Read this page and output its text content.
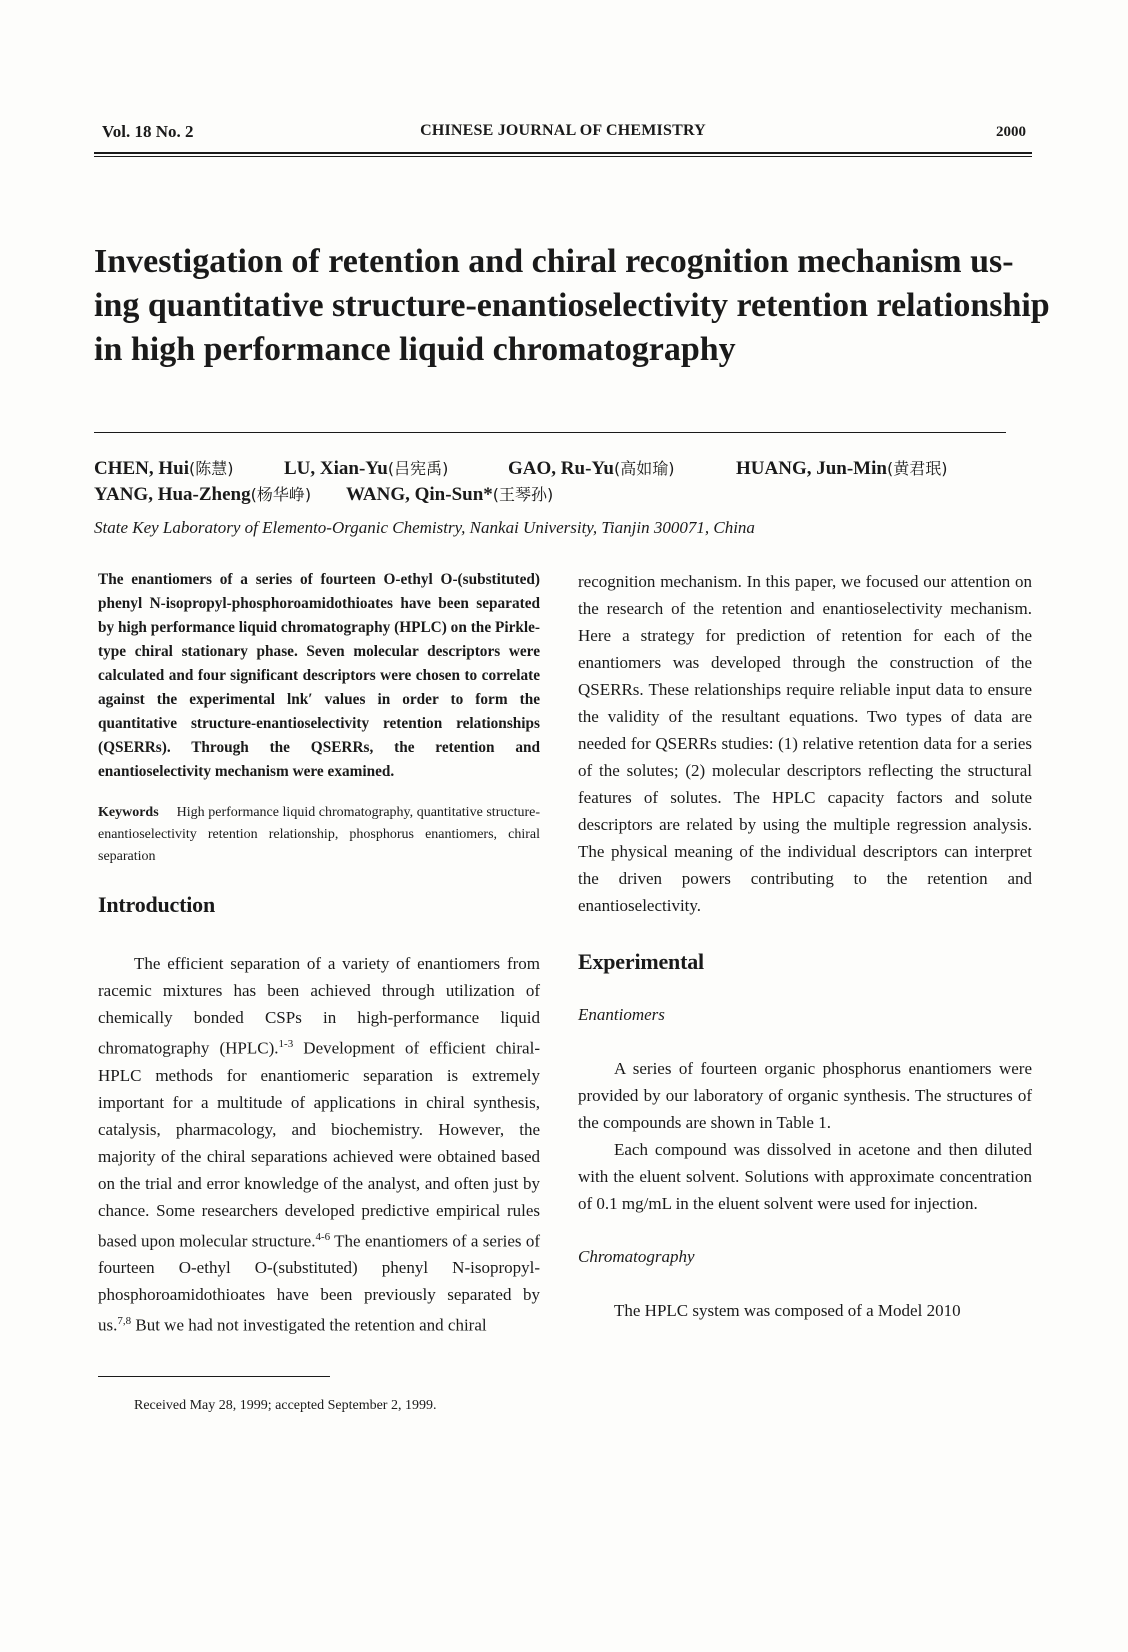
Vol. 18 No. 2	CHINESE JOURNAL OF CHEMISTRY	2000
Investigation of retention and chiral recognition mechanism us-
ing quantitative structure-enantioselectivity retention relationship
in high performance liquid chromatography
CHEN, Hui(陈慧)	LU, Xian-Yu(吕宪禹)	GAO, Ru-Yu(高如瑜)	HUANG, Jun-Min(黄君珉)
YANG, Hua-Zheng(杨华峥) WANG, Qin-Sun*(王琴孙)
State Key Laboratory of Elemento-Organic Chemistry, Nankai University, Tianjin 300071, China
The enantiomers of a series of fourteen O-ethyl O-(substituted) phenyl N-isopropyl-phosphoroamidothioates have been separated by high performance liquid chromatography (HPLC) on the Pirkle-type chiral stationary phase. Seven molecular descriptors were calculated and four significant descriptors were chosen to correlate against the experimental lnk′ values in order to form the quantitative structure-enantioselectivity retention relationships (QSERRs). Through the QSERRs, the retention and enantioselectivity mechanism were examined.
Keywords High performance liquid chromatography, quantitative structure-enantioselectivity retention relationship, phosphorus enantiomers, chiral separation
Introduction
The efficient separation of a variety of enantiomers from racemic mixtures has been achieved through utilization of chemically bonded CSPs in high-performance liquid chromatography (HPLC).$^{1-3}$ Development of efficient chiral-HPLC methods for enantiomeric separation is extremely important for a multitude of applications in chiral synthesis, catalysis, pharmacology, and biochemistry. However, the majority of the chiral separations achieved were obtained based on the trial and error knowledge of the analyst, and often just by chance. Some researchers developed predictive empirical rules based upon molecular structure.$^{4-6}$ The enantiomers of a series of fourteen O-ethyl O-(substituted) phenyl N-isopropyl-phosphoroamidothioates have been previously separated by us.$^{7,8}$ But we had not investigated the retention and chiral
recognition mechanism. In this paper, we focused our attention on the research of the retention and enantioselectivity mechanism. Here a strategy for prediction of retention for each of the enantiomers was developed through the construction of the QSERRs. These relationships require reliable input data to ensure the validity of the resultant equations. Two types of data are needed for QSERRs studies: (1) relative retention data for a series of the solutes; (2) molecular descriptors reflecting the structural features of solutes. The HPLC capacity factors and solute descriptors are related by using the multiple regression analysis. The physical meaning of the individual descriptors can interpret the driven powers contributing to the retention and enantioselectivity.
Experimental
Enantiomers
A series of fourteen organic phosphorus enantiomers were provided by our laboratory of organic synthesis. The structures of the compounds are shown in Table 1.
Each compound was dissolved in acetone and then diluted with the eluent solvent. Solutions with approximate concentration of 0.1 mg/mL in the eluent solvent were used for injection.
Chromatography
The HPLC system was composed of a Model 2010
Received May 28, 1999; accepted September 2, 1999.
